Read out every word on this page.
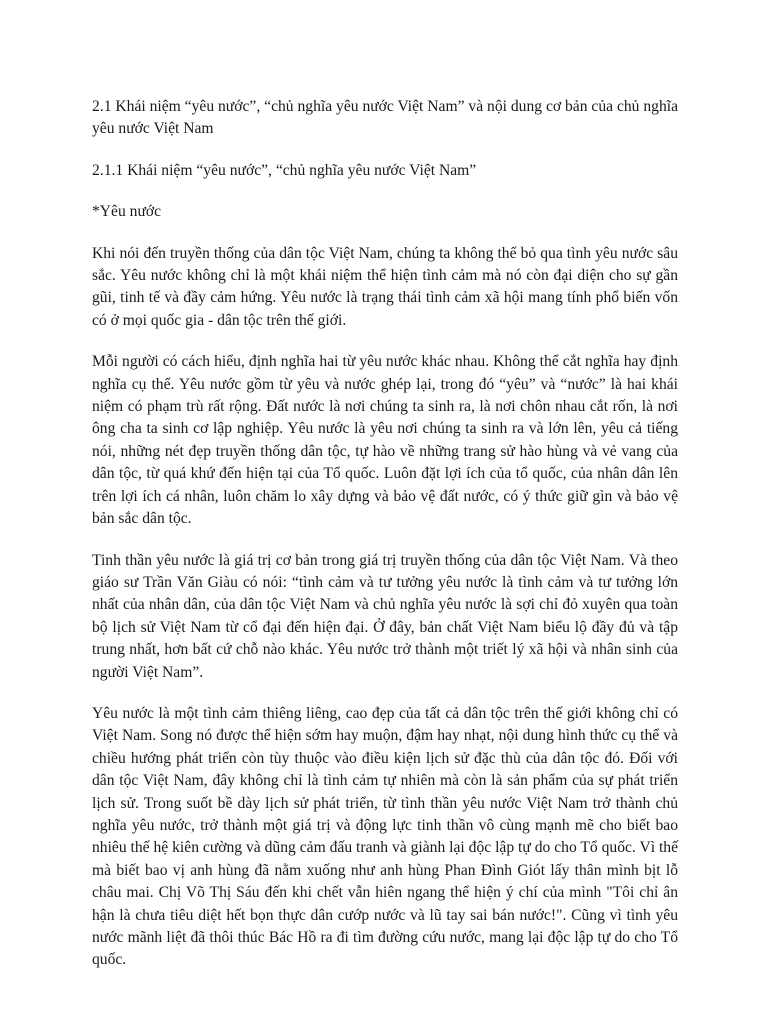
2.1 Khái niệm “yêu nước”, “chủ nghĩa yêu nước Việt Nam” và nội dung cơ bản của chủ nghĩa yêu nước Việt Nam

2.1.1 Khái niệm “yêu nước”, “chủ nghĩa yêu nước Việt Nam”

*Yêu nước

Khi nói đến truyền thống của dân tộc Việt Nam, chúng ta không thể bỏ qua tình yêu nước sâu sắc. Yêu nước không chỉ là một khái niệm thể hiện tình cảm mà nó còn đại diện cho sự gần gũi, tinh tế và đầy cảm hứng. Yêu nước là trạng thái tình cảm xã hội mang tính phổ biến vốn có ở mọi quốc gia - dân tộc trên thế giới.

Mỗi người có cách hiểu, định nghĩa hai từ yêu nước khác nhau. Không thể cắt nghĩa hay định nghĩa cụ thể. Yêu nước gồm từ yêu và nước ghép lại, trong đó “yêu” và “nước” là hai khái niệm có phạm trù rất rộng. Đất nước là nơi chúng ta sinh ra, là nơi chôn nhau cắt rốn, là nơi ông cha ta sinh cơ lập nghiệp. Yêu nước là yêu nơi chúng ta sinh ra và lớn lên, yêu cả tiếng nói, những nét đẹp truyền thống dân tộc, tự hào về những trang sử hào hùng và vẻ vang của dân tộc, từ quá khứ đến hiện tại của Tổ quốc. Luôn đặt lợi ích của tổ quốc, của nhân dân lên trên lợi ích cá nhân, luôn chăm lo xây dựng và bảo vệ đất nước, có ý thức giữ gìn và bảo vệ bản sắc dân tộc.

Tinh thần yêu nước là giá trị cơ bản trong giá trị truyền thống của dân tộc Việt Nam. Và theo giáo sư Trần Văn Giàu có nói: “tình cảm và tư tưởng yêu nước là tình cảm và tư tưởng lớn nhất của nhân dân, của dân tộc Việt Nam và chủ nghĩa yêu nước là sợi chỉ đỏ xuyên qua toàn bộ lịch sử Việt Nam từ cổ đại đến hiện đại. Ở đây, bản chất Việt Nam biểu lộ đầy đủ và tập trung nhất, hơn bất cứ chỗ nào khác. Yêu nước trở thành một triết lý xã hội và nhân sinh của người Việt Nam”.

Yêu nước là một tình cảm thiêng liêng, cao đẹp của tất cả dân tộc trên thế giới không chỉ có Việt Nam. Song nó được thể hiện sớm hay muộn, đậm hay nhạt, nội dung hình thức cụ thể và chiều hướng phát triển còn tùy thuộc vào điều kiện lịch sử đặc thù của dân tộc đó. Đối với dân tộc Việt Nam, đây không chỉ là tình cảm tự nhiên mà còn là sản phẩm của sự phát triển lịch sử. Trong suốt bề dày lịch sử phát triển, từ tình thần yêu nước Việt Nam trở thành chủ nghĩa yêu nước, trở thành một giá trị và động lực tinh thần vô cùng mạnh mẽ cho biết bao nhiêu thế hệ kiên cường và dũng cảm đấu tranh và giành lại độc lập tự do cho Tổ quốc. Vì thế mà biết bao vị anh hùng đã nằm xuống như anh hùng Phan Đình Giót lấy thân mình bịt lỗ châu mai. Chị Võ Thị Sáu đến khi chết vẫn hiên ngang thể hiện ý chí của mình "Tôi chỉ ân hận là chưa tiêu diệt hết bọn thực dân cướp nước và lũ tay sai bán nước!". Cũng vì tình yêu nước mãnh liệt đã thôi thúc Bác Hồ ra đi tìm đường cứu nước, mang lại độc lập tự do cho Tổ quốc.
